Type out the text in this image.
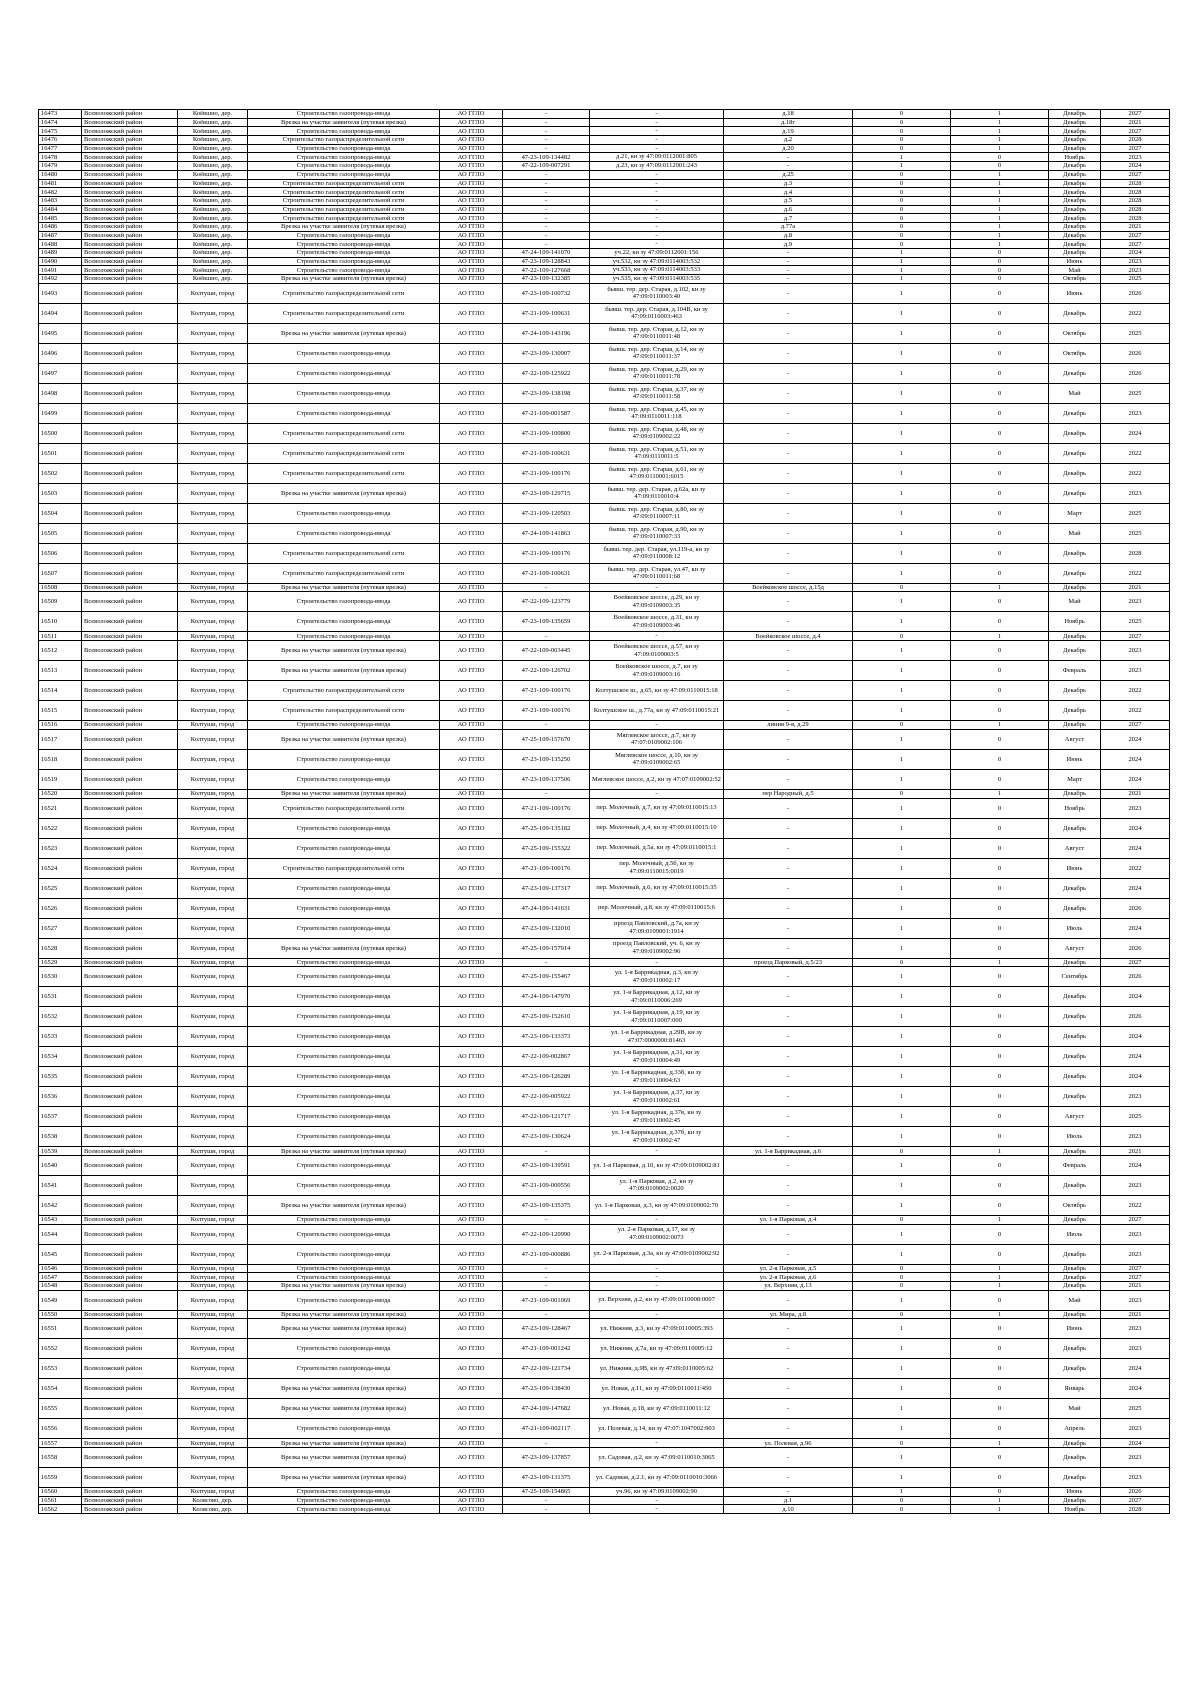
16473	Всеволожский район	Коёвшно, дер.	Строительство газопровода-ввода	АО ГГЛО	-	-	д.18	0	1	Декабрь	2027
16474	Всеволожский район	Коёвшно, дер.	Врезка на участке заявителя (путевая врезка)	АО ГГЛО	-	-	д.18г	0	1	Декабрь	2021
16475	Всеволожский район	Коёвшно, дер.	Строительство газопровода-ввода	АО ГГЛО	-	-	д.19	0	1	Декабрь	2027
16476	Всеволожский район	Коёвшно, дер.	Строительство газораспределительной сети	АО ГГЛО	-	-	д.2	0	1	Декабрь	2028
16477	Всеволожский район	Коёвшно, дер.	Строительство газопровода-ввода	АО ГГЛО	-	-	д.20	0	1	Декабрь	2027
16478	Всеволожский район	Коёвшно, дер.	Строительство газопровода-ввода	АО ГГЛО	47-23-109-134482	д.21, кн зу 47:09:0112001:805	-	1	0	Ноябрь	2023
16479	Всеволожский район	Коёвшно, дер.	Строительство газопровода-ввода	АО ГГЛО	47-22-109-007291	д.23, кн зу 47:09:0112001:243	-	1	0	Декабрь	2024
16480	Всеволожский район	Коёвшно, дер.	Строительство газопровода-ввода	АО ГГЛО	-	-	д.25	0	1	Декабрь	2027
16481	Всеволожский район	Коёвшно, дер.	Строительство газораспределительной сети	АО ГГЛО	-	-	д.3	0	1	Декабрь	2028
16482	Всеволожский район	Коёвшно, дер.	Строительство газораспределительной сети	АО ГГЛО	-	-	д.4	0	1	Декабрь	2028
16483	Всеволожский район	Коёвшно, дер.	Строительство газораспределительной сети	АО ГГЛО	-	-	д.5	0	1	Декабрь	2028
16484	Всеволожский район	Коёвшно, дер.	Строительство газораспределительной сети	АО ГГЛО	-	-	д.6	0	1	Декабрь	2028
16485	Всеволожский район	Коёвшно, дер.	Строительство газораспределительной сети	АО ГГЛО	-	-	д.7	0	1	Декабрь	2028
16486	Всеволожский район	Коёвшно, дер.	Врезка на участке заявителя (путевая врезка)	АО ГГЛО	-	-	д.77а	0	1	Декабрь	2021
16487	Всеволожский район	Коёвшно, дер.	Строительство газопровода-ввода	АО ГГЛО	-	-	д.8	0	1	Декабрь	2027
16488	Всеволожский район	Коёвшно, дер.	Строительство газопровода-ввода	АО ГГЛО	-	-	д.9	0	1	Декабрь	2027
16489	Всеволожский район	Коёвшно, дер.	Строительство газопровода-ввода	АО ГГЛО	47-24-109-141070	уч.22, кн зу 47:09:0112001:156	-	1	0	Декабрь	2024
16490	Всеволожский район	Коёвшно, дер.	Строительство газопровода-ввода	АО ГГЛО	47-23-109-128843	уч.532, кн зу 47:09:0114003:532	-	1	0	Июнь	2023
16491	Всеволожский район	Коёвшно, дер.	Строительство газопровода-ввода	АО ГГЛО	47-22-109-127668	уч.533, кн зу 47:09:0114003:533	-	1	0	Май	2023
16492	Всеволожский район	Коёвшно, дер.	Врезка на участке заявителя (путевая врезка)	АО ГГЛО	47-23-109-132385	уч.535, кн зу 47:09:0114003:535	-	1	0	Октябрь	2025
16493	Всеволожский район	Колтуши, город	Строительство газораспределительной сети	АО ГГЛО	47-23-109-100732	бывш. тер. дер. Старая, д.102, кн зу 47:09:0110003:40	-	1	0	Июнь	2026
16494	Всеволожский район	Колтуши, город	Строительство газораспределительной сети	АО ГГЛО	47-21-109-100631	бывш. тер. дер. Старая, д.104В, кн зу 47:09:0110003:463	-	1	0	Декабрь	2022
16495	Всеволожский район	Колтуши, город	Врезка на участке заявителя (путевая врезка)	АО ГГЛО	47-24-109-143196	бывш. тер. дер. Старая, д.12, кн зу 47:09:0110011:48	-	1	0	Октябрь	2025
16496	Всеволожский район	Колтуши, город	Строительство газопровода-ввода	АО ГГЛО	47-23-109-130907	бывш. тер. дер. Старая, д.14, кн зу 47:09:0110011:37	-	1	0	Октябрь	2026
16497	Всеволожский район	Колтуши, город	Строительство газопровода-ввода	АО ГГЛО	47-22-109-125922	бывш. тер. дер. Старая, д.29, кн зу 47:09:0110011:78	-	1	0	Декабрь	2026
16498	Всеволожский район	Колтуши, город	Строительство газопровода-ввода	АО ГГЛО	47-23-109-138198	бывш. тер. дер. Старая, д.37, кн зу 47:09:0110011:58	-	1	0	Май	2025
16499	Всеволожский район	Колтуши, город	Строительство газопровода-ввода	АО ГГЛО	47-21-109-001587	бывш. тер. дер. Старая, д.45, кн зу 47:09:0110011:118	-	1	0	Декабрь	2023
16500	Всеволожский район	Колтуши, город	Строительство газораспределительной сети	АО ГГЛО	47-21-109-100800	бывш. тер. дер. Старая, д.48, кн зу 47:09:0109002:22	-	1	0	Декабрь	2024
16501	Всеволожский район	Колтуши, город	Строительство газораспределительной сети	АО ГГЛО	47-21-109-100631	бывш. тер. дер. Старая, д.51, кн зу 47:09:0110011:5	-	1	0	Декабрь	2022
16502	Всеволожский район	Колтуши, город	Строительство газораспределительной сети	АО ГГЛО	47-21-109-100176	бывш. тер. дер. Старая, д.61, кн зу 47:09:0110001:6015	-	1	0	Декабрь	2022
16503	Всеволожский район	Колтуши, город	Врезка на участке заявителя (путевая врезка)	АО ГГЛО	47-23-109-129715	бывш. тер. дер. Старая, д.62а, кн зу 47:09:0110010:4	-	1	0	Декабрь	2023
16504	Всеволожский район	Колтуши, город	Строительство газопровода-ввода	АО ГГЛО	47-21-109-120503	бывш. тер. дер. Старая, д.80, кн зу 47:09:0110007:11	-	1	0	Март	2025
16505	Всеволожский район	Колтуши, город	Строительство газопровода-ввода	АО ГГЛО	47-24-109-141863	бывш. тер. дер. Старая, д.90, кн зу 47:09:0110007:33	-	1	0	Май	2025
16506	Всеволожский район	Колтуши, город	Строительство газораспределительной сети	АО ГГЛО	47-21-109-100176	бывш. тер. дер. Старая, ул.119-а, кн зу 47:09:0110008:12	-	1	0	Декабрь	2028
16507	Всеволожский район	Колтуши, город	Строительство газораспределительной сети	АО ГГЛО	47-21-109-100631	бывш. тер. дер. Старая, ул.47, кн зу 47:09:0110011:68	-	1	0	Декабрь	2022
16508	Всеволожский район	Колтуши, город	Врезка на участке заявителя (путевая врезка)	АО ГГЛО	-	-	Воейковское шоссе, д.15д	0	1	Декабрь	2021
16509	Всеволожский район	Колтуши, город	Строительство газопровода-ввода	АО ГГЛО	47-22-109-123779	Воейковское шоссе, д.29, кн зу 47:09:0109003:35	-	1	0	Май	2023
16510	Всеволожский район	Колтуши, город	Строительство газопровода-ввода	АО ГГЛО	47-23-109-135659	Воейковское шоссе, д.31, кн зу 47:09:0109003:46	-	1	0	Ноябрь	2025
16511	Всеволожский район	Колтуши, город	Строительство газопровода-ввода	АО ГГЛО	-	-	Воейковское шоссе, д.4	0	1	Декабрь	2027
16512	Всеволожский район	Колтуши, город	Врезка на участке заявителя (путевая врезка)	АО ГГЛО	47-22-109-003445	Воейковское шоссе, д.57, кн зу 47:09:0109003:5	-	1	0	Декабрь	2023
16513	Всеволожский район	Колтуши, город	Врезка на участке заявителя (путевая врезка)	АО ГГЛО	47-22-109-126702	Воейковское шоссе, д.7, кн зу 47:09:0109003:16	-	1	0	Февраль	2023
16514	Всеволожский район	Колтуши, город	Строительство газораспределительной сети	АО ГГЛО	47-21-109-100176	Колтушское ш., д.65, кн зу 47:09:0110015:18	-	1	0	Декабрь	2022
16515	Всеволожский район	Колтуши, город	Строительство газораспределительной сети	АО ГГЛО	47-21-109-100176	Колтушское ш., д.77а, кн зу 47:09:0110015:21	-	1	0	Декабрь	2022
16516	Всеволожский район	Колтуши, город	Строительство газопровода-ввода	АО ГГЛО	-	-	линия 9-я, д.29	0	1	Декабрь	2027
16517	Всеволожский район	Колтуши, город	Врезка на участке заявителя (путевая врезка)	АО ГГЛО	47-25-109-157670	Мяглевское шоссе, д.7, кн зу 47:07:0109002:106	-	1	0	Август	2024
16518	Всеволожский район	Колтуши, город	Строительство газопровода-ввода	АО ГГЛО	47-23-109-135250	Мяглевское шоссе, д.10, кн зу 47:09:0109002:65	-	1	0	Июнь	2024
16519	Всеволожский район	Колтуши, город	Строительство газопровода-ввода	АО ГГЛО	47-23-109-137506	Мяглевское шоссе, д.2, кн зу 47:07:0109002:52	-	1	0	Март	2024
16520	Всеволожский район	Колтуши, город	Врезка на участке заявителя (путевая врезка)	АО ГГЛО	-	-	пер Народный, д.5	0	1	Декабрь	2021
16521	Всеволожский район	Колтуши, город	Строительство газораспределительной сети	АО ГГЛО	47-21-109-100176	пер. Молочный, д.7, кн зу 47:09:0110015:13	-	1	0	Ноябрь	2023
16522	Всеволожский район	Колтуши, город	Строительство газопровода-ввода	АО ГГЛО	47-25-109-135182	пер. Молочный, д.4, кн зу 47:09:0110015:10	-	1	0	Декабрь	2024
16523	Всеволожский район	Колтуши, город	Строительство газопровода-ввода	АО ГГЛО	47-25-109-155322	пер. Молочный, д.5а, кн зу 47:09:0110015:1	-	1	0	Август	2024
16524	Всеволожский район	Колтуши, город	Строительство газораспределительной сети	АО ГГЛО	47-21-109-100176	пер. Молочный, д.5б, кн зу 47:09:0110015:0019	-	1	0	Июнь	2022
16525	Всеволожский район	Колтуши, город	Строительство газопровода-ввода	АО ГГЛО	47-23-109-137317	пер. Молочный, д.6, кн зу 47:09:0110015:35	-	1	0	Декабрь	2024
16526	Всеволожский район	Колтуши, город	Строительство газопровода-ввода	АО ГГЛО	47-24-109-141631	пер. Молочный, д.8, кн зу 47:09:0110015:6	-	1	0	Декабрь	2026
16527	Всеволожский район	Колтуши, город	Строительство газопровода-ввода	АО ГГЛО	47-23-109-132010	проезд Павловский, д.7а, кн зу 47:09:0109001:1914	-	1	0	Июль	2024
16528	Всеволожский район	Колтуши, город	Врезка на участке заявителя (путевая врезка)	АО ГГЛО	47-25-109-157914	проезд Павловский, уч. 6, кн зу 47:09:0109002:96	-	1	0	Август	2026
16529	Всеволожский район	Колтуши, город	Строительство газопровода-ввода	АО ГГЛО	-	-	проезд Парковый, д.5/23	0	1	Декабрь	2027
16530	Всеволожский район	Колтуши, город	Строительство газопровода-ввода	АО ГГЛО	47-25-109-155467	ул. 1-я Баррикадная, д.3, кн зу 47:09:0110002:17	-	1	0	Сентябрь	2026
16531	Всеволожский район	Колтуши, город	Строительство газопровода-ввода	АО ГГЛО	47-24-109-147970	ул. 1-я Баррикадная, д.12, кн зу 47:09:0110006:269	-	1	0	Декабрь	2024
16532	Всеволожский район	Колтуши, город	Строительство газопровода-ввода	АО ГГЛО	47-25-109-152610	ул. 1-я Баррикадная, д.19, кн зу 47:09:0110007:000	-	1	0	Декабрь	2026
16533	Всеволожский район	Колтуши, город	Строительство газопровода-ввода	АО ГГЛО	47-23-109-133373	ул. 1-я Баррикадная, д.29В, кн зу 47:07:0000000:81463	-	1	0	Декабрь	2024
16534	Всеволожский район	Колтуши, город	Строительство газопровода-ввода	АО ГГЛО	47-22-109-002867	ул. 1-я Баррикадная, д.31, кн зу 47:09:0110004:49	-	1	0	Декабрь	2024
16535	Всеволожский район	Колтуши, город	Строительство газопровода-ввода	АО ГГЛО	47-23-109-126289	ул. 1-я Баррикадная, д.33б, кн зу 47:09:0110004:63	-	1	0	Декабрь	2024
16536	Всеволожский район	Колтуши, город	Строительство газопровода-ввода	АО ГГЛО	47-22-109-005922	ул. 1-я Баррикадная, д.37, кн зу 47:09:0110002:61	-	1	0	Декабрь	2023
16537	Всеволожский район	Колтуши, город	Строительство газопровода-ввода	АО ГГЛО	47-22-109-121717	ул. 1-я Баррикадная, д.37в, кн зу 47:09:0110002:45	-	1	0	Август	2025
16538	Всеволожский район	Колтуши, город	Строительство газопровода-ввода	АО ГГЛО	47-23-109-130624	ул. 1-я Баррикадная, д.37б, кн зу 47:09:0110002:47	-	1	0	Июль	2023
16539	Всеволожский район	Колтуши, город	Врезка на участке заявителя (путевая врезка)	АО ГГЛО	-	-	ул. 1-я Баррикадная, д.6	0	1	Декабрь	2021
16540	Всеволожский район	Колтуши, город	Строительство газопровода-ввода	АО ГГЛО	47-23-109-139591	ул. 1-я Парковая, д.10, кн зу 47:09:0109002:81	-	1	0	Февраль	2024
16541	Всеволожский район	Колтуши, город	Строительство газопровода-ввода	АО ГГЛО	47-21-109-000556	ул. 1-я Парковая, д.2, кн зу 47:09:0109002:0020	-	1	0	Декабрь	2023
16542	Всеволожский район	Колтуши, город	Врезка на участке заявителя (путевая врезка)	АО ГГЛО	47-23-109-135375	ул. 1-я Парковая, д.3, кн зу 47:09:0109002:70	-	1	0	Октябрь	2022
16543	Всеволожский район	Колтуши, город	Строительство газопровода-ввода	АО ГГЛО	-	-	ул. 1-я Парковая, д.4	0	1	Декабрь	2027
16544	Всеволожский район	Колтуши, город	Строительство газопровода-ввода	АО ГГЛО	47-22-109-120990	ул. 2-я Парковая, д.17, кн зу 47:09:0109002:0073	-	1	0	Июль	2023
16545	Всеволожский район	Колтуши, город	Строительство газопровода-ввода	АО ГГЛО	47-21-109-000886	ул. 2-я Парковая, д.3а, кн зу 47:09:0109002:92	-	1	0	Декабрь	2023
16546	Всеволожский район	Колтуши, город	Строительство газопровода-ввода	АО ГГЛО	-	-	ул. 2-я Парковая, д.5	0	1	Декабрь	2027
16547	Всеволожский район	Колтуши, город	Строительство газопровода-ввода	АО ГГЛО	-	-	ул. 2-я Парковая, д.6	0	1	Декабрь	2027
16548	Всеволожский район	Колтуши, город	Врезка на участке заявителя (путевая врезка)	АО ГГЛО	-	-	ул. Верхняя, д.13	0	1	Декабрь	2021
16549	Всеволожский район	Колтуши, город	Строительство газопровода-ввода	АО ГГЛО	47-21-109-001069	ул. Верхняя, д.2, кн зу 47:09:0110008:0007	-	1	0	Май	2023
16550	Всеволожский район	Колтуши, город	Врезка на участке заявителя (путевая врезка)	АО ГГЛО	-	-	ул. Мира, д.8	0	1	Декабрь	2021
16551	Всеволожский район	Колтуши, город	Врезка на участке заявителя (путевая врезка)	АО ГГЛО	47-23-109-128467	ул. Нижняя, д.3, кн зу 47:09:0110005:393	-	1	0	Июнь	2023
16552	Всеволожский район	Колтуши, город	Строительство газопровода-ввода	АО ГГЛО	47-21-109-001242	ул. Нижняя, д.7а, кн зу 47:09:0110005:12	-	1	0	Декабрь	2023
16553	Всеволожский район	Колтуши, город	Строительство газопровода-ввода	АО ГГЛО	47-22-109-121734	ул. Нижняя, д.9В, кн зу 47:09:0110005:62	-	1	0	Декабрь	2024
16554	Всеволожский район	Колтуши, город	Врезка на участке заявителя (путевая врезка)	АО ГГЛО	47-23-109-138430	ул. Новая, д.11, кн зу 47:09:0110011:450	-	1	0	Январь	2024
16555	Всеволожский район	Колтуши, город	Врезка на участке заявителя (путевая врезка)	АО ГГЛО	47-24-109-147682	ул. Новая, д.18, кн зу 47:09:0110011:12	-	1	0	Май	2025
16556	Всеволожский район	Колтуши, город	Строительство газопровода-ввода	АО ГГЛО	47-21-109-002117	ул. Полевая, д.14, кн зу 47:07:1047002:903	-	1	0	Апрель	2023
16557	Всеволожский район	Колтуши, город	Врезка на участке заявителя (путевая врезка)	АО ГГЛО	-	-	ул. Полевая, д.96	0	1	Декабрь	2024
16558	Всеволожский район	Колтуши, город	Врезка на участке заявителя (путевая врезка)	АО ГГЛО	47-23-109-137857	ул. Садовая, д.2, кн зу 47:09:0110010:3065	-	1	0	Декабрь	2023
16559	Всеволожский район	Колтуши, город	Врезка на участке заявителя (путевая врезка)	АО ГГЛО	47-23-109-131375	ул. Садовая, д.2.1, кн зу 47:09:0110010:3066	-	1	0	Декабрь	2023
16560	Всеволожский район	Колтуши, город	Строительство газопровода-ввода	АО ГГЛО	47-25-109-154865	уч.96, кн зу 47:09:0109002:90	-	1	0	Июнь	2026
16561	Всеволожский район	Колясово, дер.	Строительство газопровода-ввода	АО ГГЛО	-	-	д.1	0	1	Декабрь	2027
16562	Всеволожский район	Колясово, дер.	Строительство газопровода-ввода	АО ГГЛО	-	-	д.10	0	1	Ноябрь	2028
